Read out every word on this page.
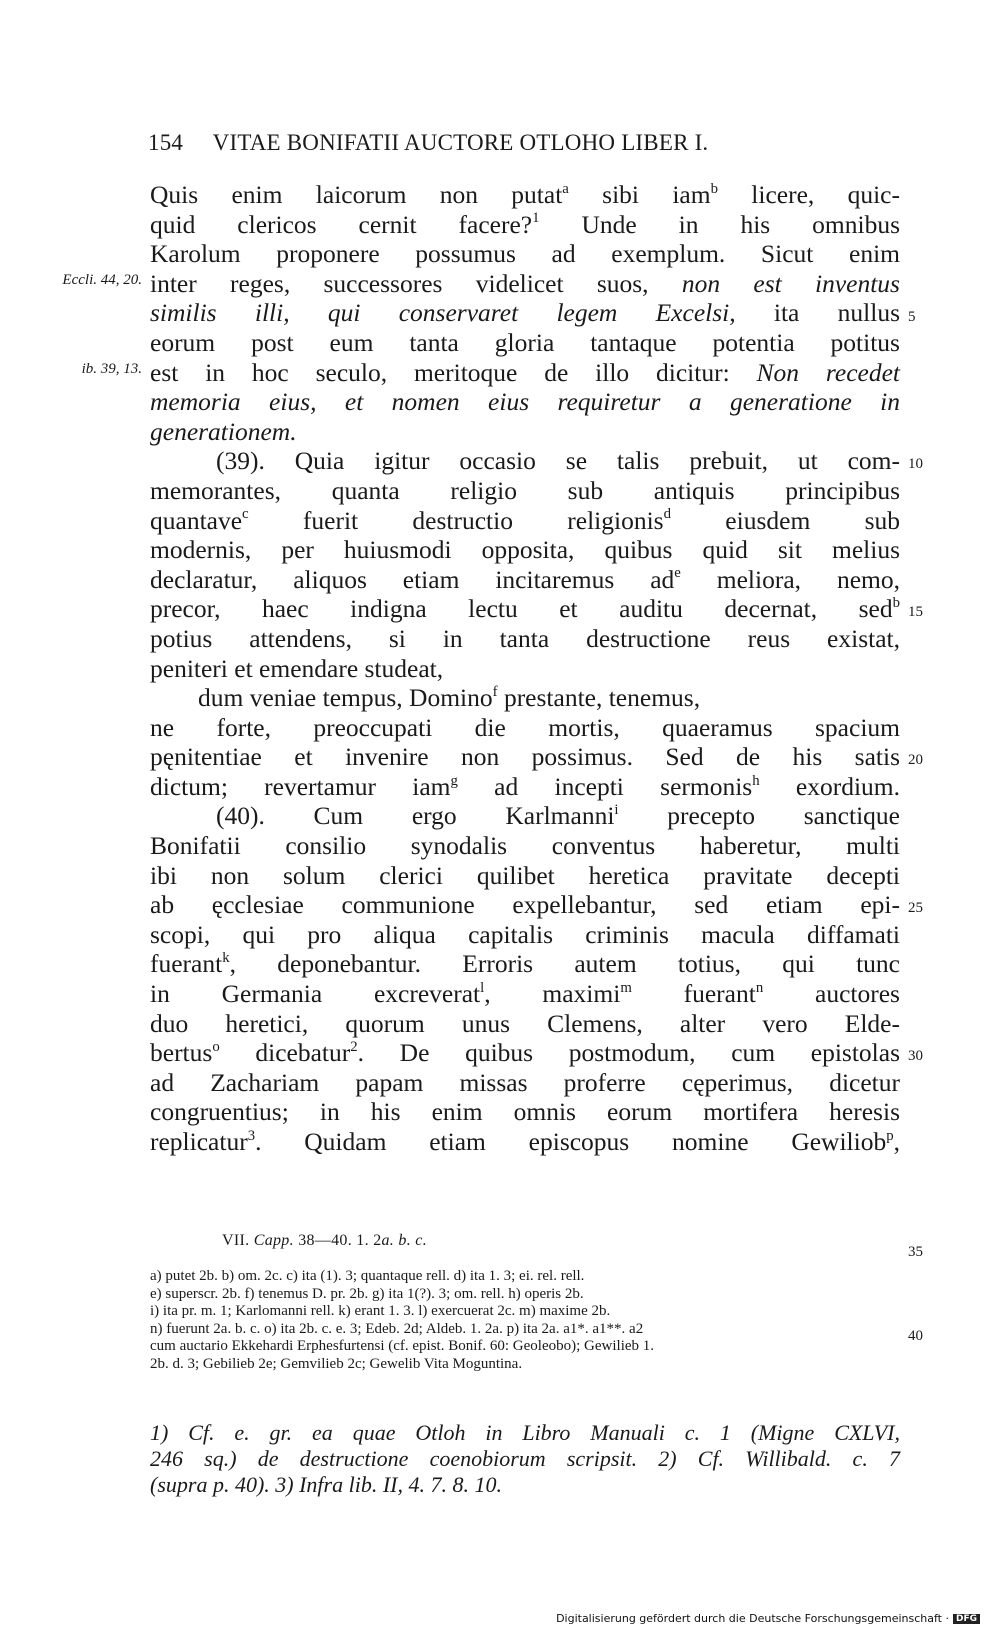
154 VITAE BONIFATII AUCTORE OTLOHO LIBER I.
Eccli. 44, 20.
ib. 39, 13.
5
10
15
20
25
30
35
40
Quis enim laicorum non putat$^a$ sibi iam$^b$ licere, quic-
quid clericos cernit facere?$^1$ Unde in his omnibus
Karolum proponere possumus ad exemplum. Sicut enim
inter reges, successores videlicet suos, non est inventus
similis illi, qui conservaret legem Excelsi, ita nullus
eorum post eum tanta gloria tantaque potentia potitus
est in hoc seculo, meritoque de illo dicitur: Non recedet
memoria eius, et nomen eius requiretur a generatione in
generationem.
(39). Quia igitur occasio se talis prebuit, ut com-
memorantes, quanta religio sub antiquis principibus
quantave$^c$ fuerit destructio religionis$^d$ eiusdem sub
modernis, per huiusmodi opposita, quibus quid sit melius
declaratur, aliquos etiam incitaremus $ad^e$ meliora, nemo,
precor, haec indigna lectu et auditu decernat, sed$^b$
potius attendens, si in tanta destructione reus existat,
peniteri et emendare studeat,
dum veniae tempus, Domino$^f$ prestante, tenemus,
ne forte, preoccupati die mortis, quaeramus spacium
pęnitentiae et invenire non possimus. Sed de his satis
dictum; revertamur iam$^g$ ad incepti sermonis$^h$ exordium.
(40). Cum ergo Karlmanni$^i$ precepto sanctique
Bonifatii consilio synodalis conventus haberetur, multi
ibi non solum clerici quilibet heretica pravitate decepti
ab ęcclesiae communione expellebantur, sed etiam epi-
scopi, qui pro aliqua capitalis criminis macula diffamati
fuerant$^k$, deponebantur. Erroris autem totius, qui tunc
in Germania excreverat$^l$, maximi$^m$ fuerant$^n$ auctores
duo heretici, quorum unus Clemens, alter vero Elde-
bertus$^o$ dicebatur$^2$. De quibus postmodum, cum epistolas
ad Zachariam papam missas proferre cęperimus, dicetur
congruentius; in his enim omnis eorum mortifera heresis
replicatur$^3$. Quidam etiam episcopus nomine Gewiliob$^p$,
VII. Capp. 38—40. 1. 2a. b. c.
a) putet 2b. b) om. 2c. c) ita (1). 3; quantaque rell. d) ita 1. 3; ei. rel. rell.
e) superscr. 2b. f) tenemus D. pr. 2b. g) ita 1(?). 3; om. rell. h) operis 2b.
i) ita pr. m. 1; Karlomanni rell. k) erant 1. 3. l) exercuerat 2c. m) maxime 2b.
n) fuerunt 2a. b. c. o) ita 2b. c. e. 3; Edeb. 2d; Aldeb. 1. 2a. p) ita 2a. a1*. a1**. a2
cum auctario Ekkehardi Erphesfurtensi (cf. epist. Bonif. 60: Geoleobo); Gewilieb 1.
2b. d. 3; Gebilieb 2e; Gemvilieb 2c; Gewelib Vita Moguntina.
1) Cf. e. gr. ea quae Otloh in Libro Manuali c. 1 (Migne CXLVI,
246 sq.) de destructione coenobiorum scripsit. 2) Cf. Willibald. c. 7
(supra p. 40). 3) Infra lib. II, 4. 7. 8. 10.
Digitalisierung gefördert durch die Deutsche Forschungsgemeinschaft · DFG
